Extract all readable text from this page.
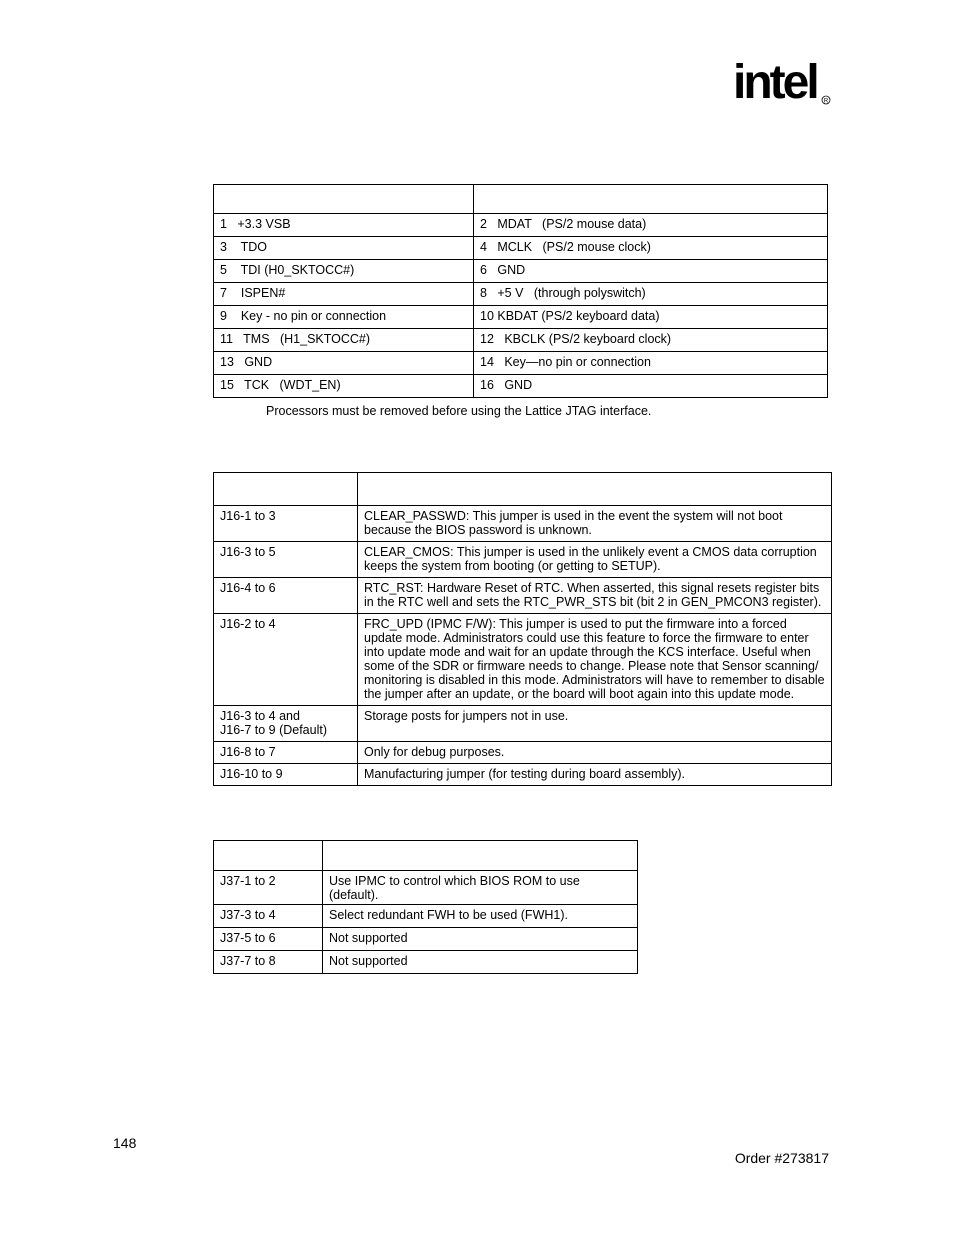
intel R

1   +3.3 VSB	2   MDAT   (PS/2 mouse data)
3    TDO	4   MCLK   (PS/2 mouse clock)
5    TDI (H0_SKTOCC#)	6   GND
7    ISPEN#	8   +5 V   (through polyswitch)
9    Key - no pin or connection	10 KBDAT (PS/2 keyboard data)
11   TMS   (H1_SKTOCC#)	12   KBCLK (PS/2 keyboard clock)
13   GND	14   Key—no pin or connection
15   TCK   (WDT_EN)	16   GND
Processors must be removed before using the Lattice JTAG interface.

J16-1 to 3	CLEAR_PASSWD: This jumper is used in the event the system will not boot because the BIOS password is unknown.
J16-3 to 5	CLEAR_CMOS: This jumper is used in the unlikely event a CMOS data corruption keeps the system from booting (or getting to SETUP).
J16-4 to 6	RTC_RST: Hardware Reset of RTC. When asserted, this signal resets register bits in the RTC well and sets the RTC_PWR_STS bit (bit 2 in GEN_PMCON3 register).
J16-2 to 4	FRC_UPD (IPMC F/W): This jumper is used to put the firmware into a forced update mode. Administrators could use this feature to force the firmware to enter into update mode and wait for an update through the KCS interface. Useful when some of the SDR or firmware needs to change. Please note that Sensor scanning/ monitoring is disabled in this mode. Administrators will have to remember to disable the jumper after an update, or the board will boot again into this update mode.
J16-3 to 4 and
J16-7 to 9 (Default)	Storage posts for jumpers not in use.
J16-8 to 7	Only for debug purposes.
J16-10 to 9	Manufacturing jumper (for testing during board assembly).

J37-1 to 2	Use IPMC to control which BIOS ROM to use (default).
J37-3 to 4	Select redundant FWH to be used (FWH1).
J37-5 to 6	Not supported
J37-7 to 8	Not supported
148
Order #273817
